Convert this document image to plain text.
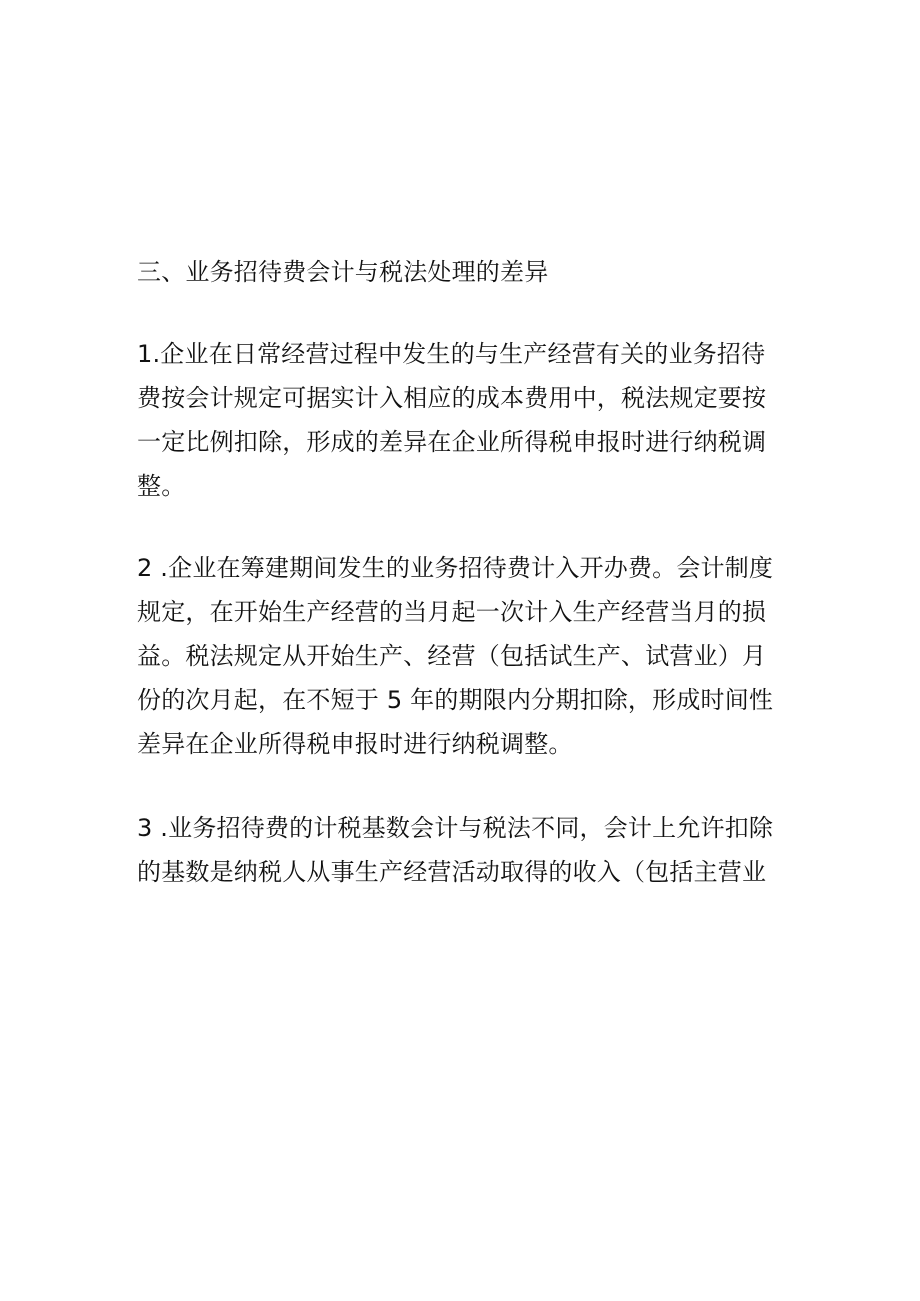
三、业务招待费会计与税法处理的差异

1.企业在日常经营过程中发生的与生产经营有关的业务招待
费按会计规定可据实计入相应的成本费用中，税法规定要按
一定比例扣除，形成的差异在企业所得税申报时进行纳税调
整。

2 .企业在筹建期间发生的业务招待费计入开办费。会计制度
规定，在开始生产经营的当月起一次计入生产经营当月的损
益。税法规定从开始生产、经营（包括试生产、试营业）月
份的次月起，在不短于 5 年的期限内分期扣除，形成时间性
差异在企业所得税申报时进行纳税调整。

3 .业务招待费的计税基数会计与税法不同，会计上允许扣除
的基数是纳税人从事生产经营活动取得的收入（包括主营业
